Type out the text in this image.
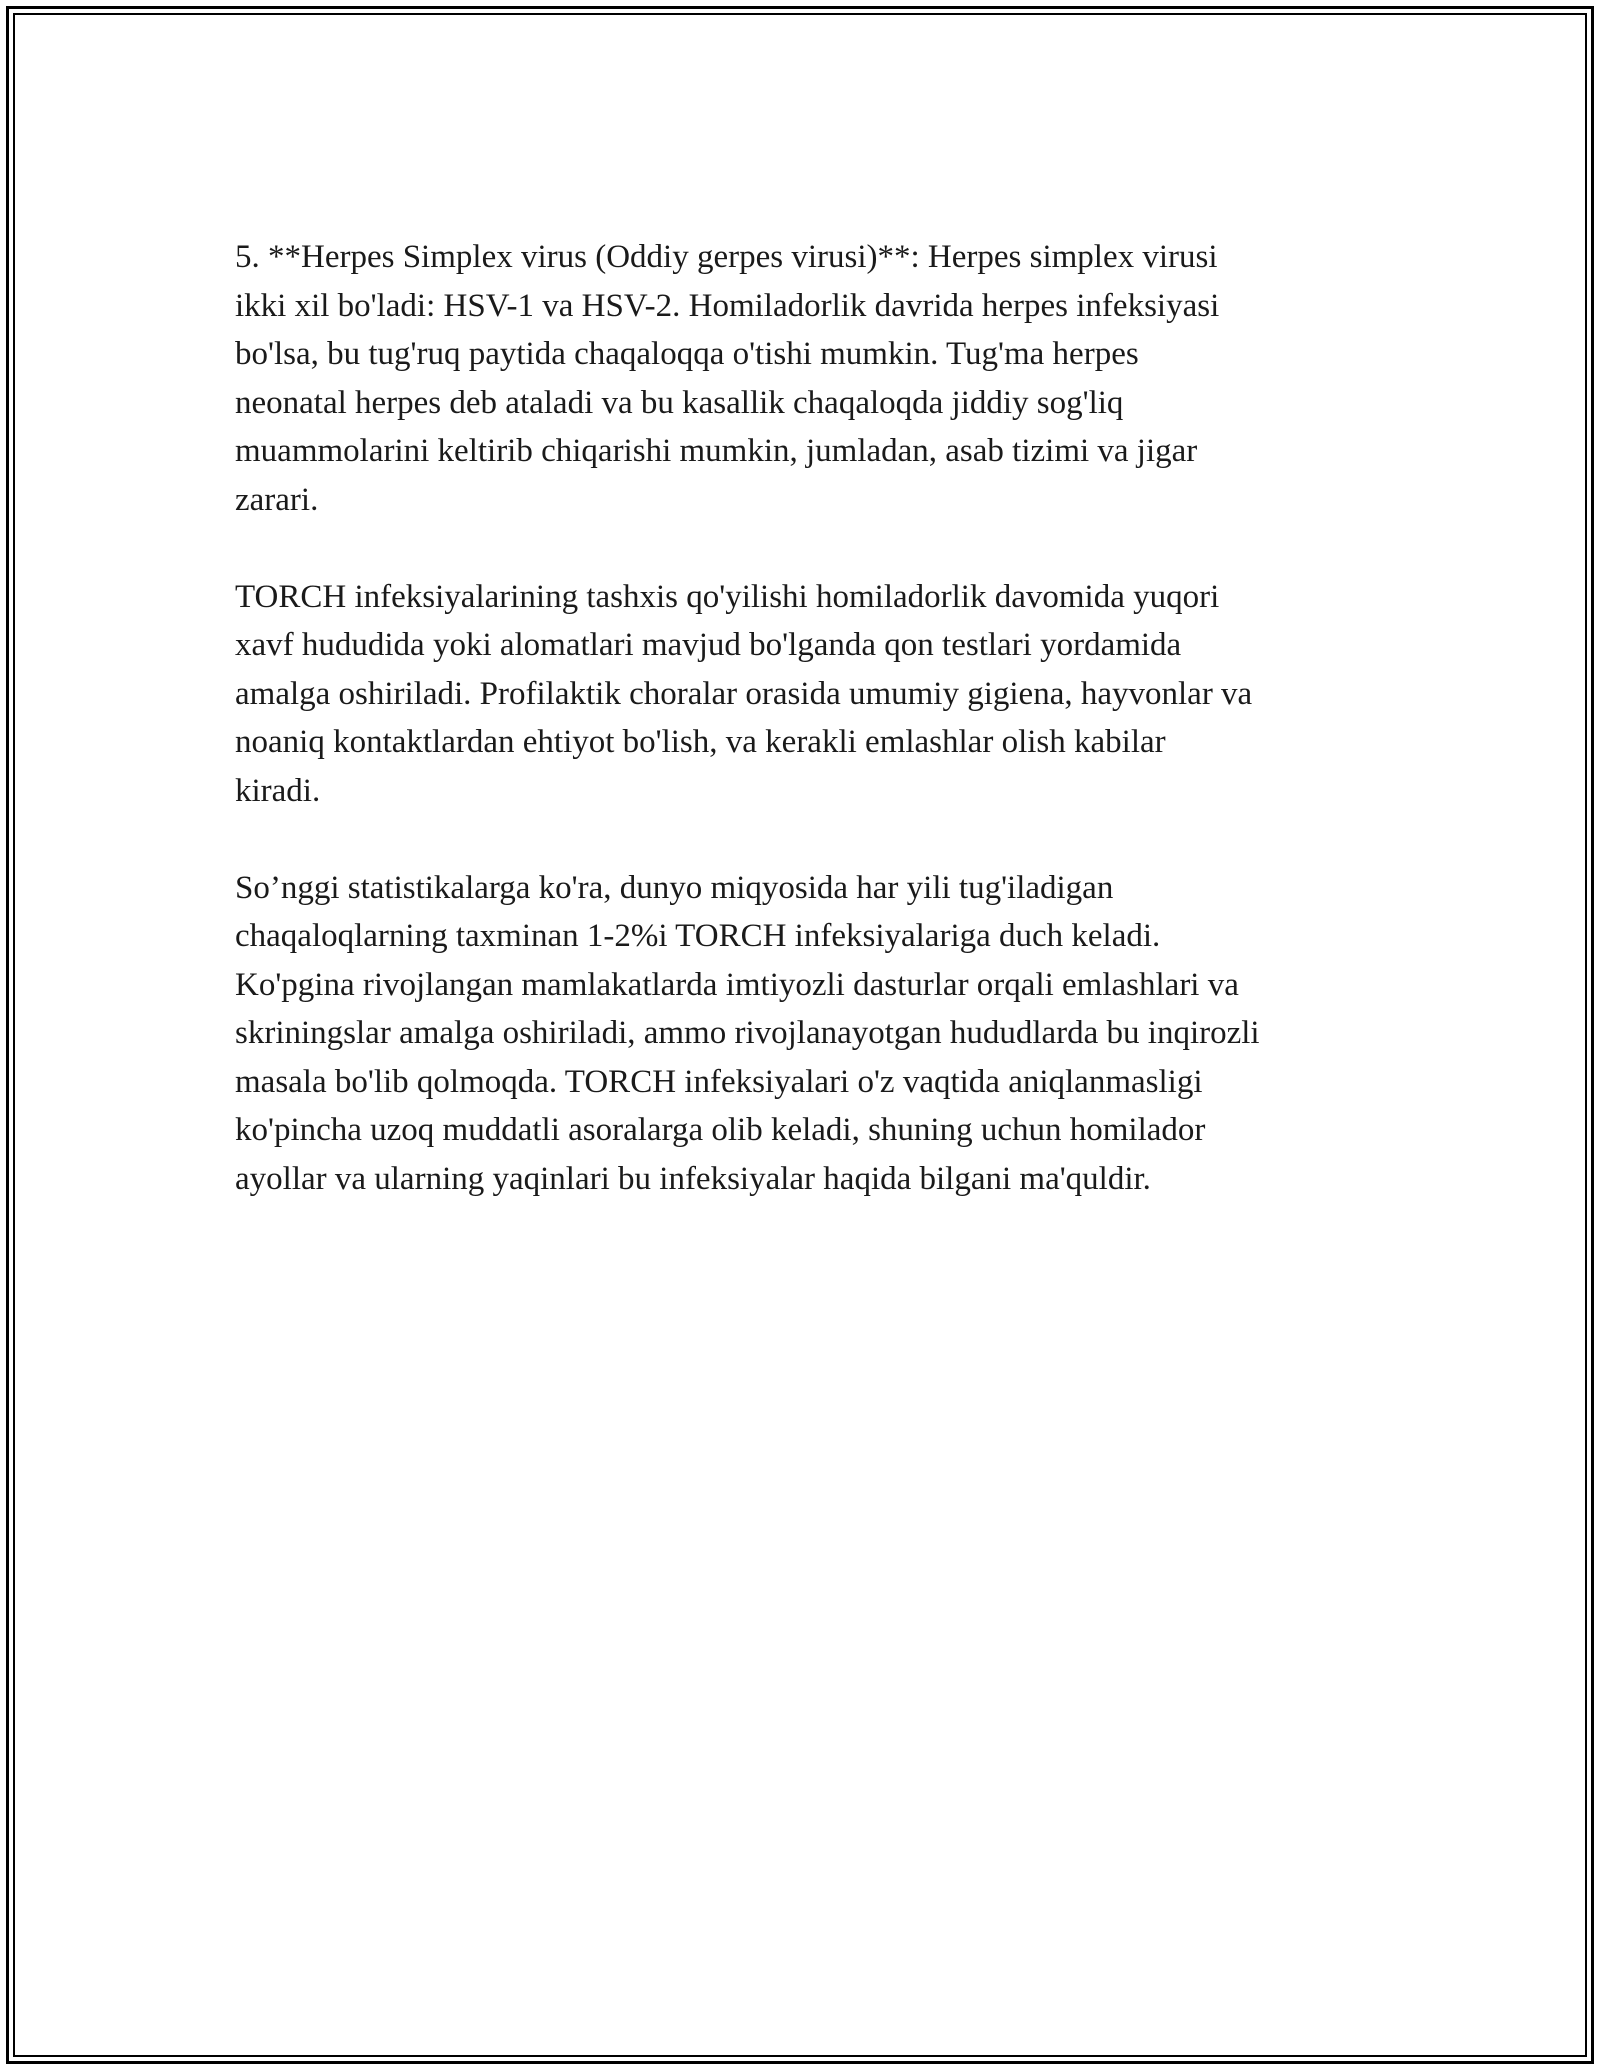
5. **Herpes Simplex virus (Oddiy gerpes virusi)**: Herpes simplex virusi
ikki xil bo'ladi: HSV-1 va HSV-2. Homiladorlik davrida herpes infeksiyasi
bo'lsa, bu tug'ruq paytida chaqaloqqa o'tishi mumkin. Tug'ma herpes
neonatal herpes deb ataladi va bu kasallik chaqaloqda jiddiy sog'liq
muammolarini keltirib chiqarishi mumkin, jumladan, asab tizimi va jigar
zarari.

TORCH infeksiyalarining tashxis qo'yilishi homiladorlik davomida yuqori
xavf hududida yoki alomatlari mavjud bo'lganda qon testlari yordamida
amalga oshiriladi. Profilaktik choralar orasida umumiy gigiena, hayvonlar va
noaniq kontaktlardan ehtiyot bo'lish, va kerakli emlashlar olish kabilar
kiradi.

So’nggi statistikalarga ko'ra, dunyo miqyosida har yili tug'iladigan
chaqaloqlarning taxminan 1-2%i TORCH infeksiyalariga duch keladi.
Ko'pgina rivojlangan mamlakatlarda imtiyozli dasturlar orqali emlashlari va
skriningslar amalga oshiriladi, ammo rivojlanayotgan hududlarda bu inqirozli
masala bo'lib qolmoqda. TORCH infeksiyalari o'z vaqtida aniqlanmasligi
ko'pincha uzoq muddatli asoralarga olib keladi, shuning uchun homilador
ayollar va ularning yaqinlari bu infeksiyalar haqida bilgani ma'quldir.
